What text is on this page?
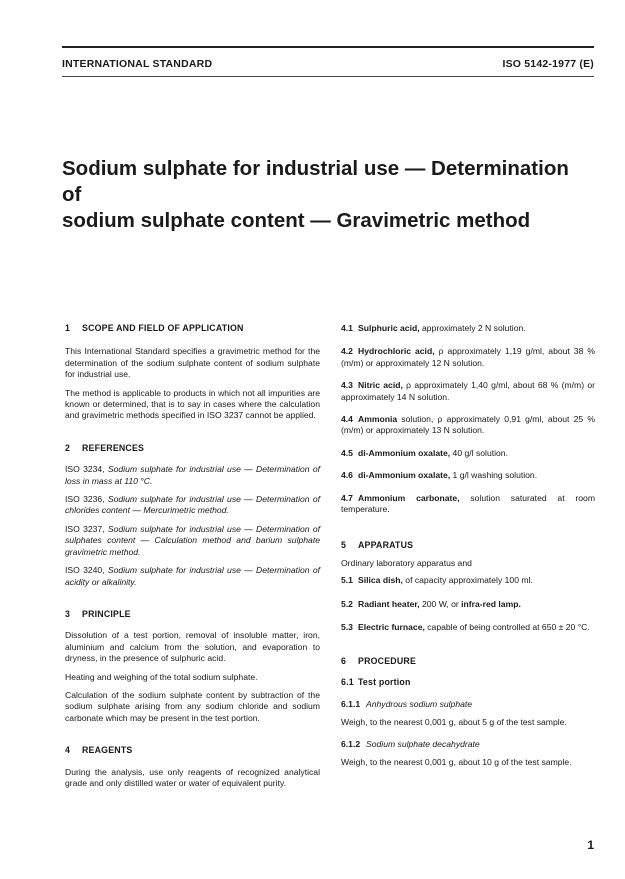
INTERNATIONAL STANDARD	ISO 5142-1977 (E)
Sodium sulphate for industrial use — Determination of
sodium sulphate content — Gravimetric method
1 SCOPE AND FIELD OF APPLICATION
This International Standard specifies a gravimetric method for the determination of the sodium sulphate content of sodium sulphate for industrial use.
The method is applicable to products in which not all impurities are known or determined, that is to say in cases where the calculation and gravimetric methods specified in ISO 3237 cannot be applied.
2 REFERENCES
ISO 3234, Sodium sulphate for industrial use — Determination of loss in mass at 110 °C.
ISO 3236, Sodium sulphate for industrial use — Determination of chlorides content — Mercurimetric method.
ISO 3237, Sodium sulphate for industrial use — Determination of sulphates content — Calculation method and barium sulphate gravimetric method.
ISO 3240, Sodium sulphate for industrial use — Determination of acidity or alkalinity.
3 PRINCIPLE
Dissolution of a test portion, removal of insoluble matter, iron, aluminium and calcium from the solution, and evaporation to dryness, in the presence of sulphuric acid.
Heating and weighing of the total sodium sulphate.
Calculation of the sodium sulphate content by subtraction of the sodium sulphate arising from any sodium chloride and sodium carbonate which may be present in the test portion.
4 REAGENTS
During the analysis, use only reagents of recognized analytical grade and only distilled water or water of equivalent purity.
4.1 Sulphuric acid, approximately 2 N solution.
4.2 Hydrochloric acid, ρ approximately 1,19 g/ml, about 38 % (m/m) or approximately 12 N solution.
4.3 Nitric acid, ρ approximately 1,40 g/ml, about 68 % (m/m) or approximately 14 N solution.
4.4 Ammonia solution, ρ approximately 0,91 g/ml, about 25 % (m/m) or approximately 13 N solution.
4.5 di-Ammonium oxalate, 40 g/l solution.
4.6 di-Ammonium oxalate, 1 g/l washing solution.
4.7 Ammonium carbonate, solution saturated at room temperature.
5 APPARATUS
Ordinary laboratory apparatus and
5.1 Silica dish, of capacity approximately 100 ml.
5.2 Radiant heater, 200 W, or infra-red lamp.
5.3 Electric furnace, capable of being controlled at 650 ± 20 °C.
6 PROCEDURE
6.1 Test portion
6.1.1 Anhydrous sodium sulphate
Weigh, to the nearest 0,001 g, about 5 g of the test sample.
6.1.2 Sodium sulphate decahydrate
Weigh, to the nearest 0,001 g, about 10 g of the test sample.
1
